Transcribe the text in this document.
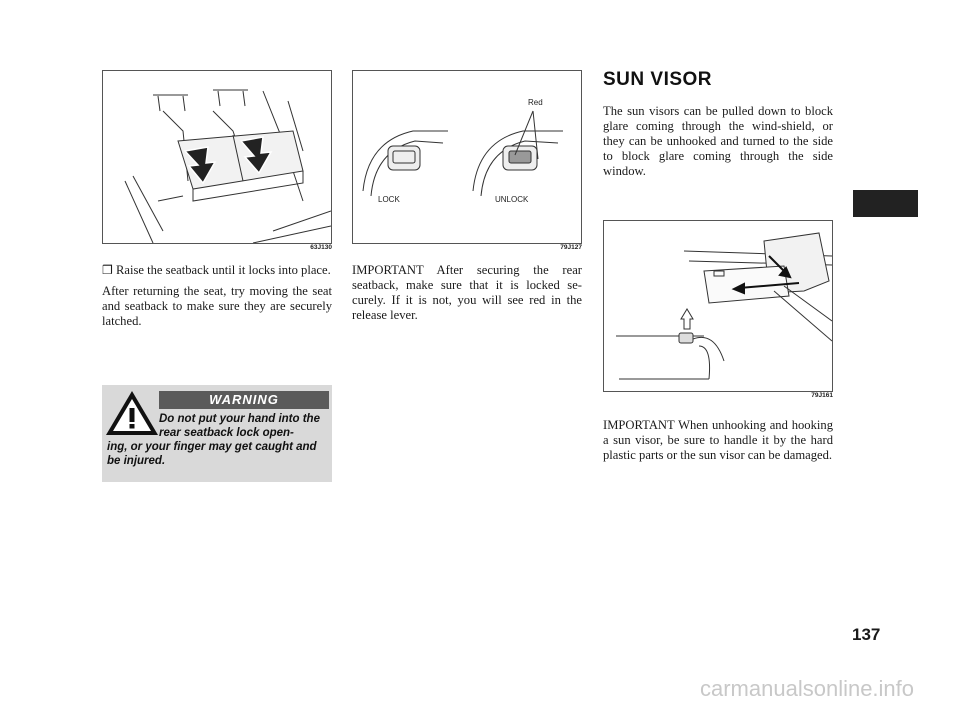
63J130
Red
LOCK	UNLOCK
79J127

❒ Raise the seatback until it locks into place.

After returning the seat, try moving the seat and seatback to make sure they are securely latched.

WARNING
Do not put your hand into the rear seatback lock open-
ing, or your finger may get caught and be injured.

IMPORTANT After securing the rear seatback, make sure that it is locked se-curely. If it is not, you will see red in the release lever.

SUN VISOR

The sun visors can be pulled down to block glare coming through the wind-shield, or they can be unhooked and turned to the side to block glare coming through the side window.

79J161

IMPORTANT When unhooking and hooking a sun visor, be sure to handle it by the hard plastic parts or the sun visor can be damaged.

137
carmanualsonline.info
